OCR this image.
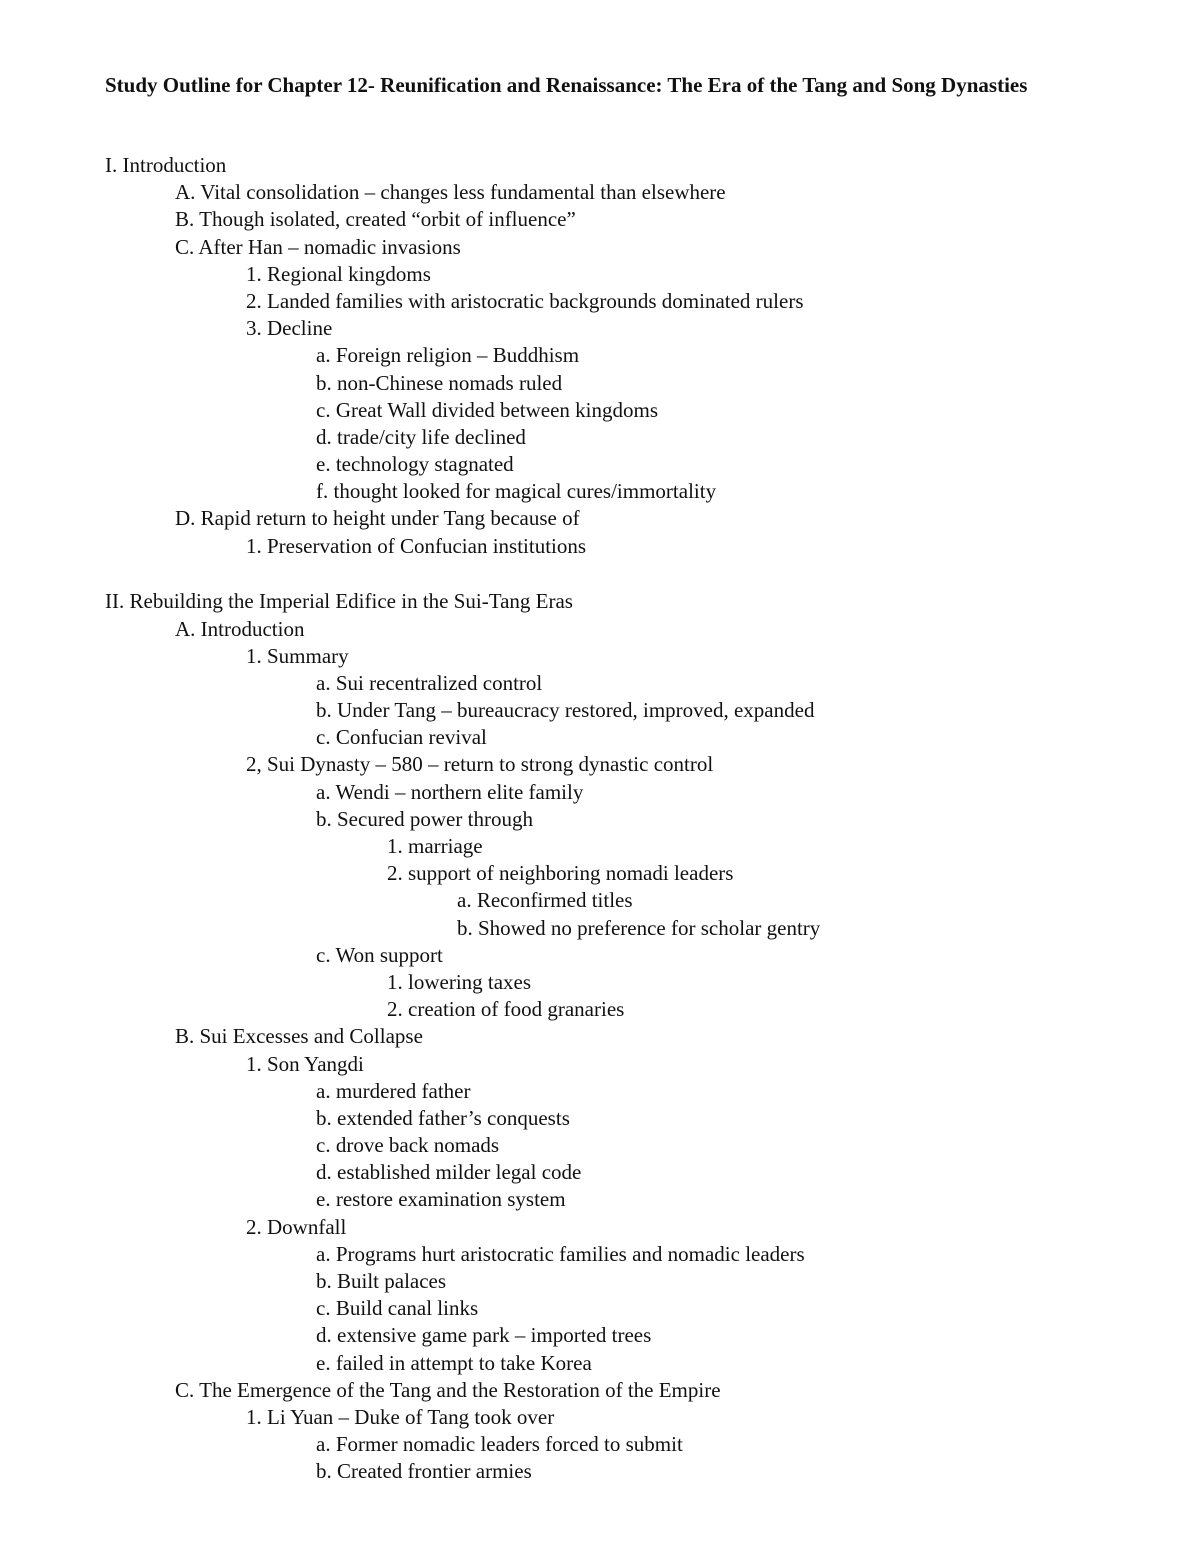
Study Outline for Chapter 12- Reunification and Renaissance: The Era of the Tang and Song Dynasties
I. Introduction
A. Vital consolidation – changes less fundamental than elsewhere
B. Though isolated, created “orbit of influence”
C. After Han – nomadic invasions
1. Regional kingdoms
2. Landed families with aristocratic backgrounds dominated rulers
3. Decline
a. Foreign religion – Buddhism
b. non-Chinese nomads ruled
c. Great Wall divided between kingdoms
d. trade/city life declined
e. technology stagnated
f. thought looked for magical cures/immortality
D. Rapid return to height under Tang because of
1. Preservation of Confucian institutions
II. Rebuilding the Imperial Edifice in the Sui-Tang Eras
A. Introduction
1. Summary
a. Sui recentralized control
b. Under Tang – bureaucracy restored, improved, expanded
c. Confucian revival
2, Sui Dynasty – 580 – return to strong dynastic control
a. Wendi – northern elite family
b. Secured power through
1. marriage
2. support of neighboring nomadi leaders
a. Reconfirmed titles
b. Showed no preference for scholar gentry
c. Won support
1. lowering taxes
2. creation of food granaries
B. Sui Excesses and Collapse
1. Son Yangdi
a. murdered father
b. extended father’s conquests
c. drove back nomads
d. established milder legal code
e. restore examination system
2. Downfall
a. Programs hurt aristocratic families and nomadic leaders
b. Built palaces
c. Build canal links
d. extensive game park – imported trees
e. failed in attempt to take Korea
C. The Emergence of the Tang and the Restoration of the Empire
1. Li Yuan – Duke of Tang took over
a. Former nomadic leaders forced to submit
b. Created frontier armies
